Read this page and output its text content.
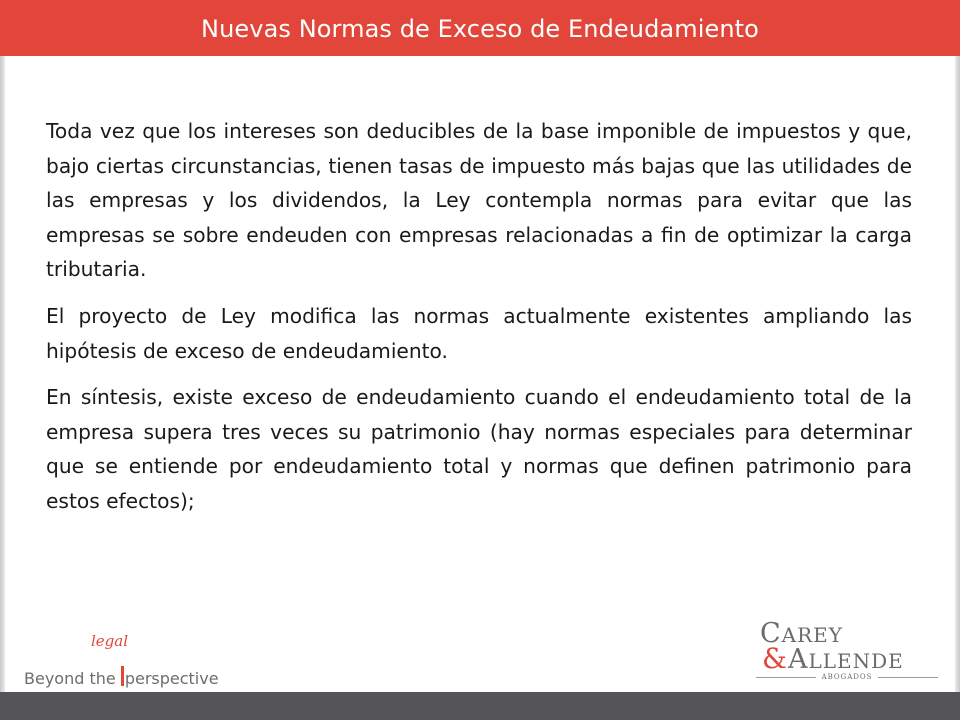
Nuevas Normas de Exceso de Endeudamiento

Toda vez que los intereses son deducibles de la base imponible de impuestos y que, bajo ciertas circunstancias, tienen tasas de impuesto más bajas que las utilidades de las empresas y los dividendos, la Ley contempla normas para evitar que las empresas se sobre endeuden con empresas relacionadas a fin de optimizar la carga tributaria.

El proyecto de Ley modifica las normas actualmente existentes ampliando las hipótesis de exceso de endeudamiento.

En síntesis, existe exceso de endeudamiento cuando el endeudamiento total de la empresa supera tres veces su patrimonio (hay normas especiales para determinar que se entiende por endeudamiento total y normas que definen patrimonio para estos efectos);

legal
Beyond the perspective
CAREY
&ALLENDE
ABOGADOS
